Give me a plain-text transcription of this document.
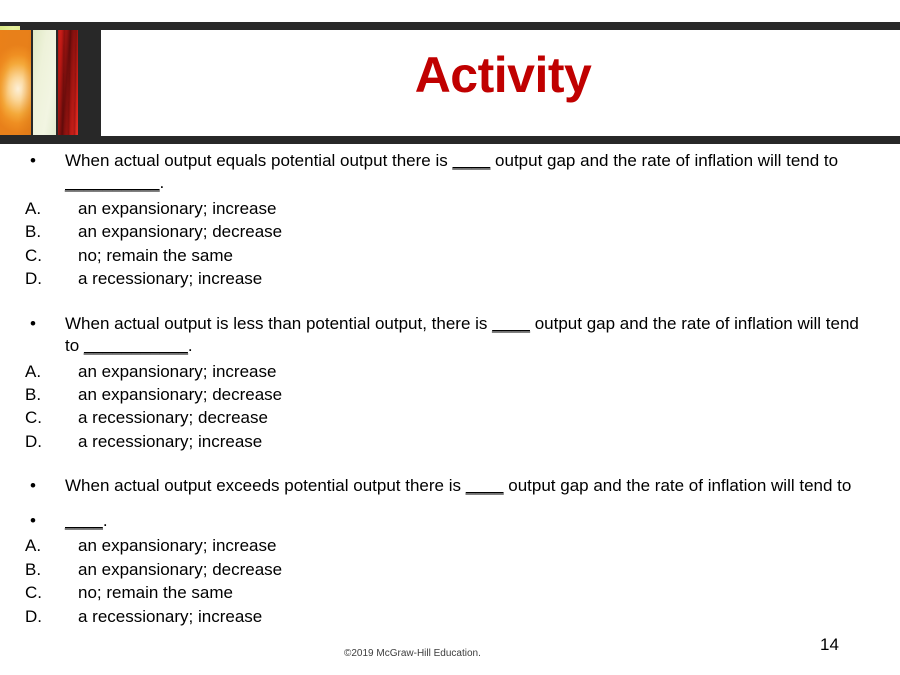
Activity
• When actual output equals potential output there is ____ output gap and the rate of inflation will tend to __________.
A. an expansionary; increase
B. an expansionary; decrease
C. no; remain the same
D. a recessionary; increase
• When actual output is less than potential output, there is ____ output gap and the rate of inflation will tend to ___________.
A. an expansionary; increase
B. an expansionary; decrease
C. a recessionary; decrease
D. a recessionary; increase
• When actual output exceeds potential output there is ____ output gap and the rate of inflation will tend to
• ____.
A. an expansionary; increase
B. an expansionary; decrease
C. no; remain the same
D. a recessionary; increase
©2019 McGraw-Hill Education.	14
